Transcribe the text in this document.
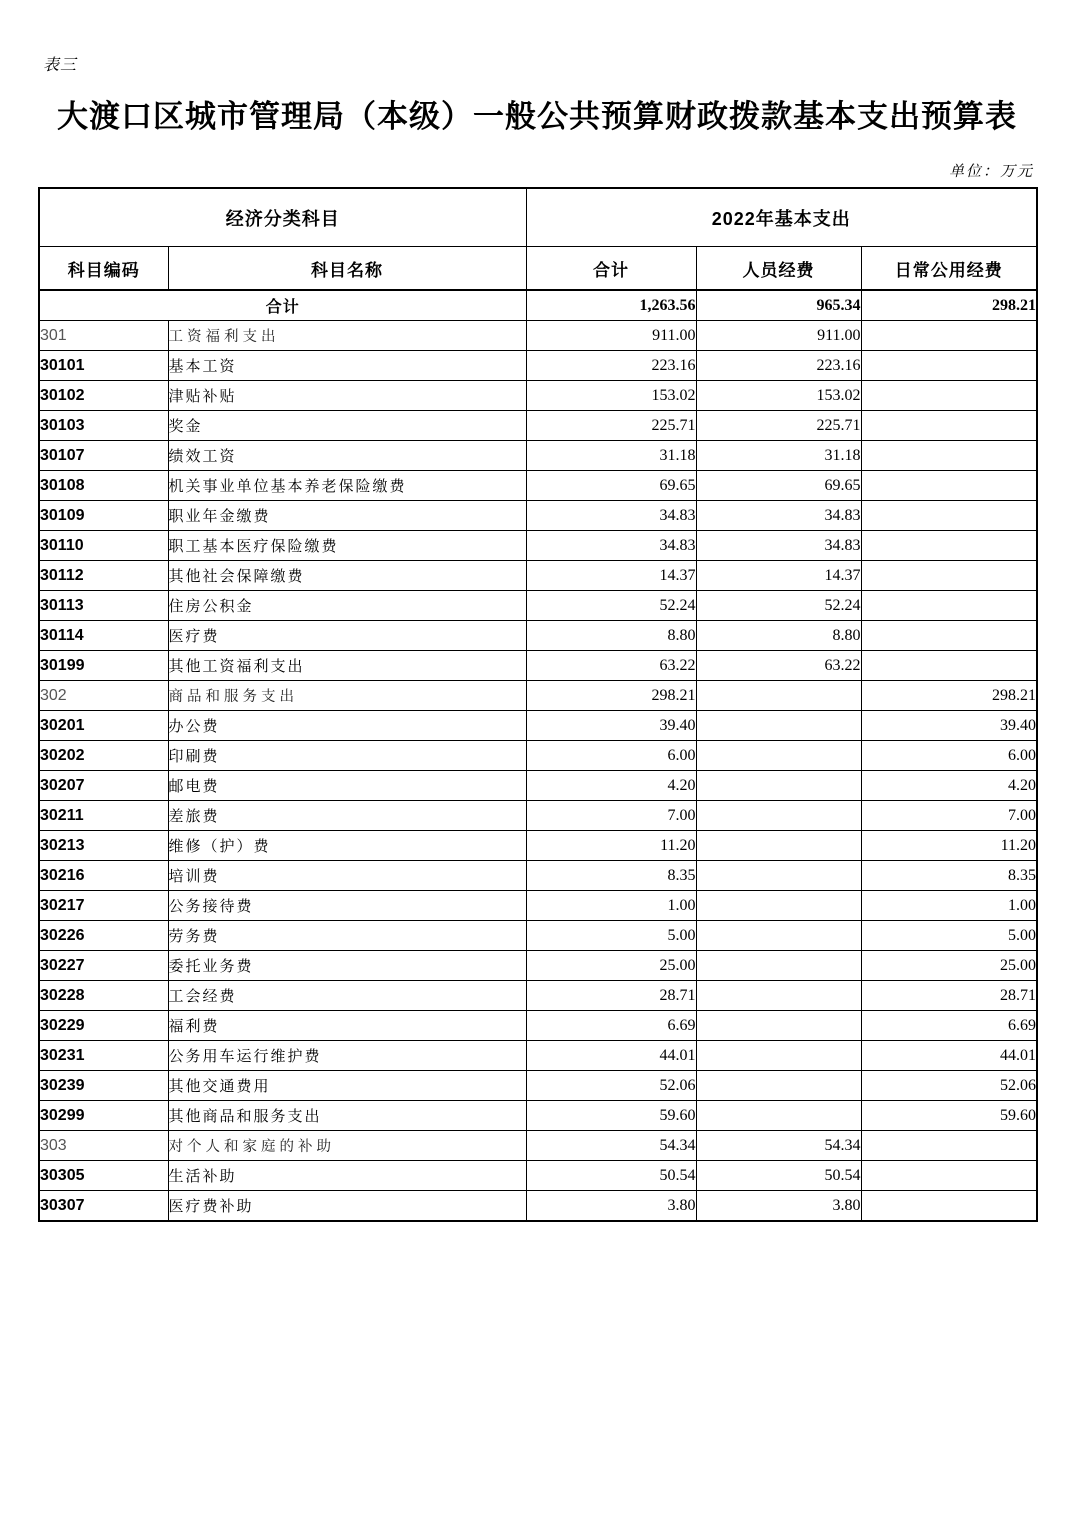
表三
大渡口区城市管理局（本级）一般公共预算财政拨款基本支出预算表
单位：万元
经济分类科目		2022年基本支出		
科目编码	科目名称	合计	人员经费	日常公用经费
合计		1,263.56	965.34	298.21
301	工资福利支出	911.00	911.00	
30101	基本工资	223.16	223.16	
30102	津贴补贴	153.02	153.02	
30103	奖金	225.71	225.71	
30107	绩效工资	31.18	31.18	
30108	机关事业单位基本养老保险缴费	69.65	69.65	
30109	职业年金缴费	34.83	34.83	
30110	职工基本医疗保险缴费	34.83	34.83	
30112	其他社会保障缴费	14.37	14.37	
30113	住房公积金	52.24	52.24	
30114	医疗费	8.80	8.80	
30199	其他工资福利支出	63.22	63.22	
302	商品和服务支出	298.21		298.21
30201	办公费	39.40		39.40
30202	印刷费	6.00		6.00
30207	邮电费	4.20		4.20
30211	差旅费	7.00		7.00
30213	维修（护）费	11.20		11.20
30216	培训费	8.35		8.35
30217	公务接待费	1.00		1.00
30226	劳务费	5.00		5.00
30227	委托业务费	25.00		25.00
30228	工会经费	28.71		28.71
30229	福利费	6.69		6.69
30231	公务用车运行维护费	44.01		44.01
30239	其他交通费用	52.06		52.06
30299	其他商品和服务支出	59.60		59.60
303	对个人和家庭的补助	54.34	54.34	
30305	生活补助	50.54	50.54	
30307	医疗费补助	3.80	3.80	
